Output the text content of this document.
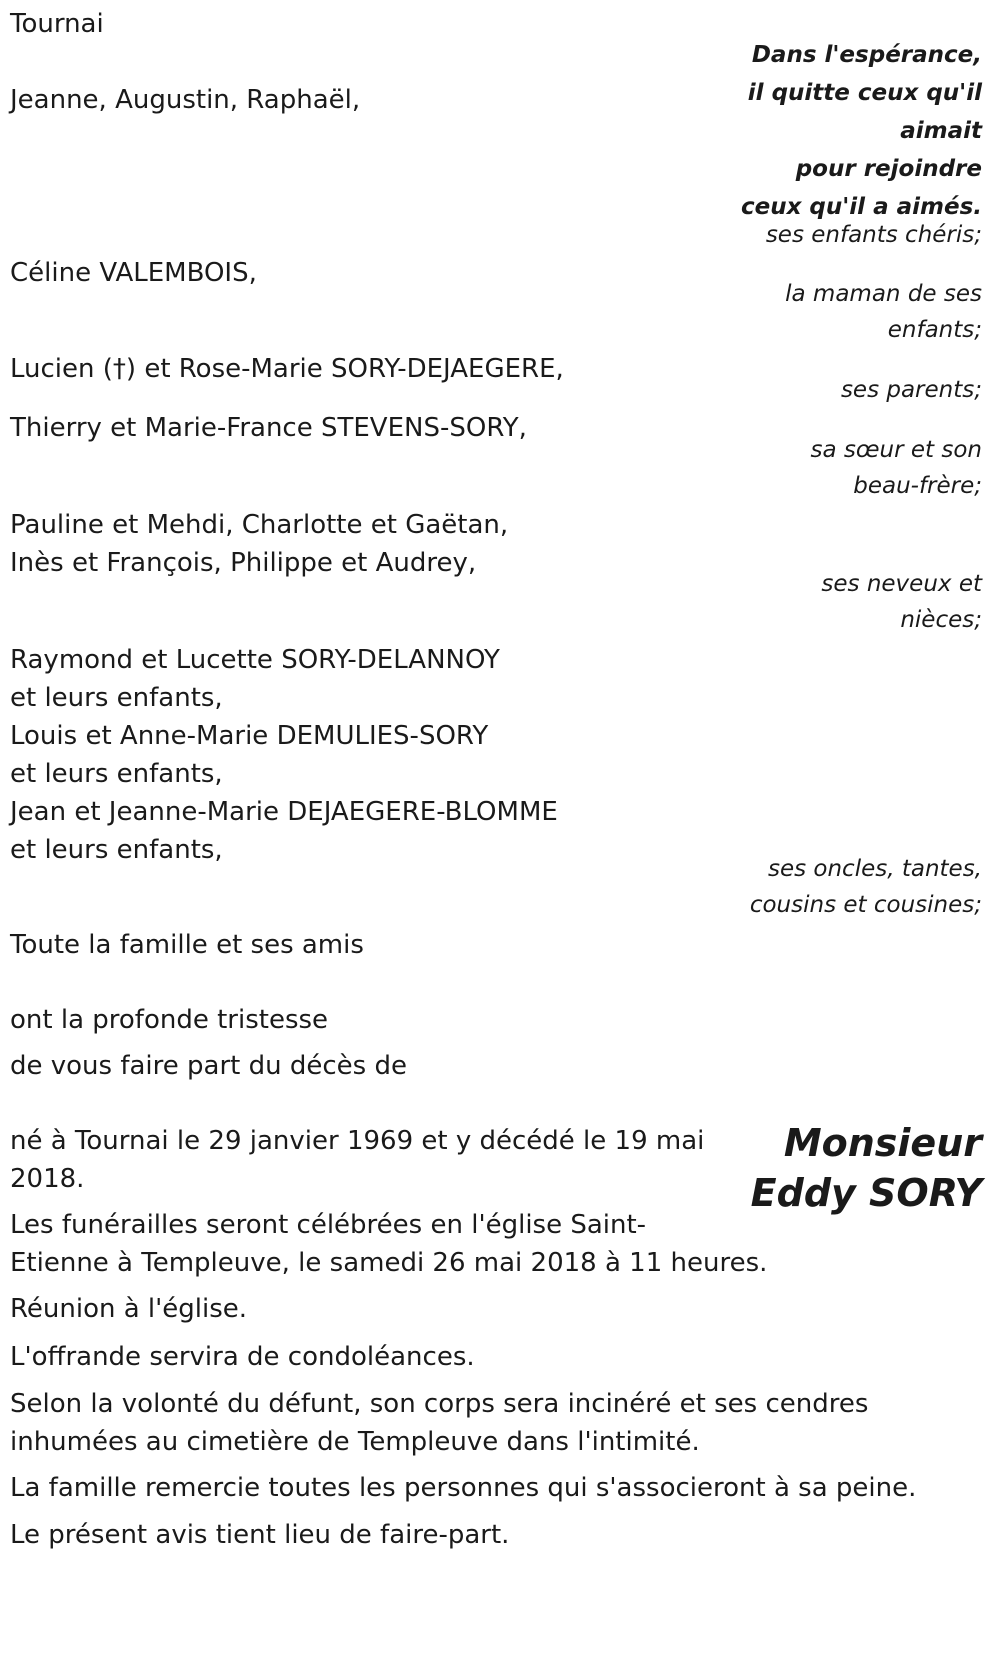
Tournai
Dans l'espérance,
il quitte ceux qu'il
aimait
pour rejoindre
ceux qu'il a aimés.
Jeanne, Augustin, Raphaël,
ses enfants chéris;
Céline VALEMBOIS,
la maman de ses
enfants;
Lucien (†) et Rose-Marie SORY-DEJAEGERE,
ses parents;
Thierry et Marie-France STEVENS-SORY,
sa sœur et son
beau-frère;
Pauline et Mehdi, Charlotte et Gaëtan,
Inès et François, Philippe et Audrey,
ses neveux et
nièces;
Raymond et Lucette SORY-DELANNOY
et leurs enfants,
Louis et Anne-Marie DEMULIES-SORY
et leurs enfants,
Jean et Jeanne-Marie DEJAEGERE-BLOMME
et leurs enfants,
ses oncles, tantes,
cousins et cousines;
Toute la famille et ses amis
ont la profonde tristesse
de vous faire part du décès de
Monsieur
Eddy SORY
né à Tournai le 29 janvier 1969 et y décédé le 19 mai
2018.
Les funérailles seront célébrées en l'église Saint-
Etienne à Templeuve, le samedi 26 mai 2018 à 11 heures.
Réunion à l'église.
L'offrande servira de condoléances.
Selon la volonté du défunt, son corps sera incinéré et ses cendres
inhumées au cimetière de Templeuve dans l'intimité.
La famille remercie toutes les personnes qui s'associeront à sa peine.
Le présent avis tient lieu de faire-part.
